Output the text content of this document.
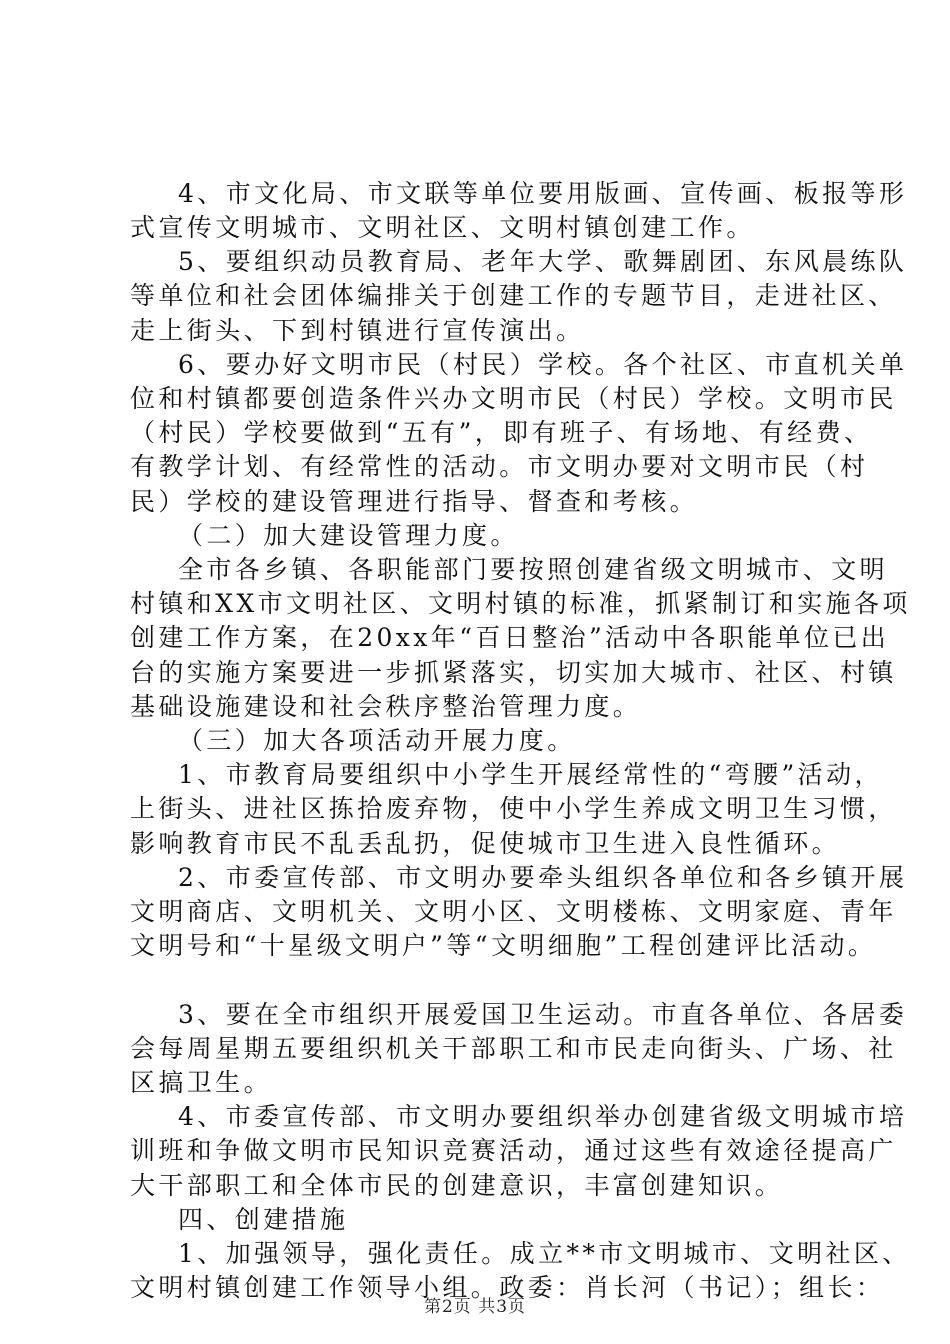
4、市文化局、市文联等单位要用版画、宣传画、板报等形
式宣传文明城市、文明社区、文明村镇创建工作。
5、要组织动员教育局、老年大学、歌舞剧团、东风晨练队
等单位和社会团体编排关于创建工作的专题节目，走进社区、
走上街头、下到村镇进行宣传演出。
6、要办好文明市民（村民）学校。各个社区、市直机关单
位和村镇都要创造条件兴办文明市民（村民）学校。文明市民
（村民）学校要做到“五有”，即有班子、有场地、有经费、
有教学计划、有经常性的活动。市文明办要对文明市民（村
民）学校的建设管理进行指导、督查和考核。
（二）加大建设管理力度。
全市各乡镇、各职能部门要按照创建省级文明城市、文明
村镇和XX市文明社区、文明村镇的标准，抓紧制订和实施各项
创建工作方案，在20xx年“百日整治”活动中各职能单位已出
台的实施方案要进一步抓紧落实，切实加大城市、社区、村镇
基础设施建设和社会秩序整治管理力度。
（三）加大各项活动开展力度。
1、市教育局要组织中小学生开展经常性的“弯腰”活动，
上街头、进社区拣拾废弃物，使中小学生养成文明卫生习惯，
影响教育市民不乱丢乱扔，促使城市卫生进入良性循环。
2、市委宣传部、市文明办要牵头组织各单位和各乡镇开展
文明商店、文明机关、文明小区、文明楼栋、文明家庭、青年
文明号和“十星级文明户”等“文明细胞”工程创建评比活动。
3、要在全市组织开展爱国卫生运动。市直各单位、各居委
会每周星期五要组织机关干部职工和市民走向街头、广场、社
区搞卫生。
4、市委宣传部、市文明办要组织举办创建省级文明城市培
训班和争做文明市民知识竞赛活动，通过这些有效途径提高广
大干部职工和全体市民的创建意识，丰富创建知识。
四、创建措施
1、加强领导，强化责任。成立**市文明城市、文明社区、
文明村镇创建工作领导小组。政委：肖长河（书记）；组长：
第2页 共3页
